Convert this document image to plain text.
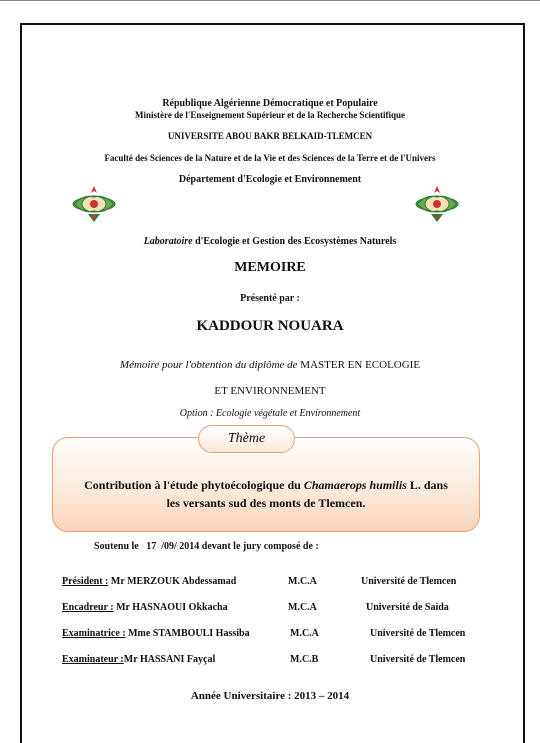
République Algérienne Démocratique et Populaire
Ministère de l'Enseignement Supérieur et de la Recherche Scientifique
UNIVERSITE ABOU BAKR BELKAID-TLEMCEN
Faculté des Sciences de la Nature et de la Vie et des Sciences de la Terre et de l'Univers
Département d'Ecologie et Environnement
Laboratoire d'Ecologie et Gestion des Ecosystèmes Naturels
MEMOIRE
Présenté par :
KADDOUR NOUARA
Mémoire pour l'obtention du diplôme de MASTER EN ECOLOGIE
ET ENVIRONNEMENT
Option : Ecologie végétale et Environnement
Thème
Contribution à l'étude phytoécologique du Chamaerops humilis L. dans
les versants sud des monts de Tlemcen.
Soutenu le   17  /09/ 2014 devant le jury composé de :
Président : Mr MERZOUK Abdessamad	M.C.A	Université de Tlemcen
Encadreur : Mr HASNAOUI Okkacha	M.C.A	Université de Saida
Examinatrice : Mme STAMBOULI Hassiba	M.C.A	Université de Tlemcen
Examinateur :Mr HASSANI Fayçal	M.C.B	Université de Tlemcen
Année Universitaire : 2013 – 2014
